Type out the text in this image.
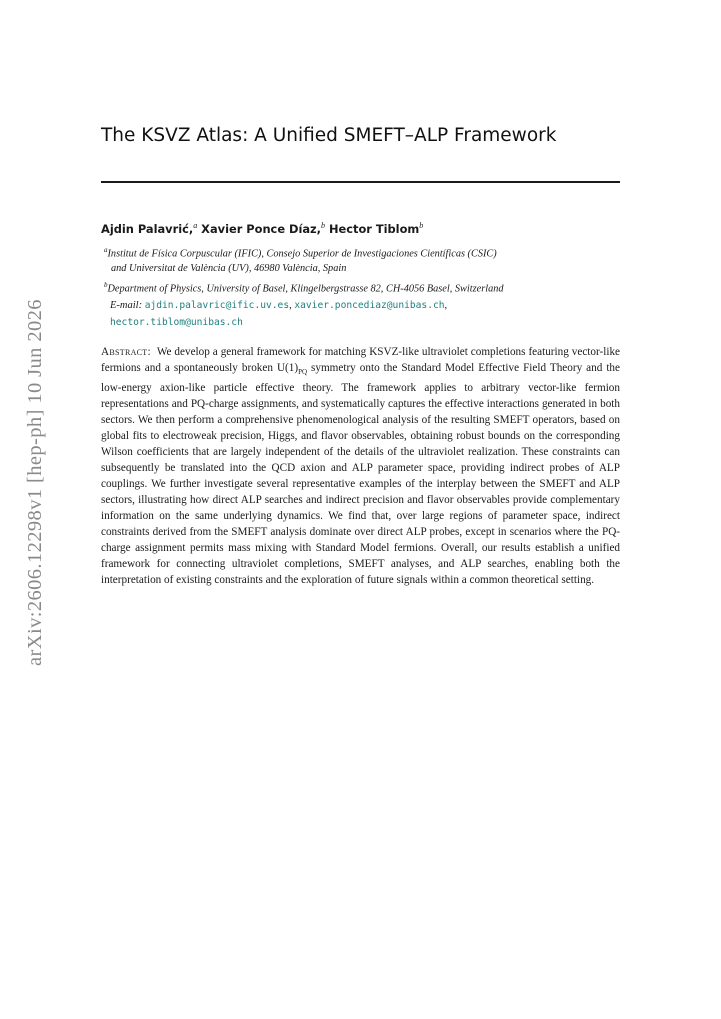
arXiv:2606.12298v1 [hep-ph] 10 Jun 2026
The KSVZ Atlas: A Unified SMEFT–ALP Framework
Ajdin Palavrić,$^a$ Xavier Ponce Díaz,$^b$ Hector Tiblom$^b$
$^a$Institut de Física Corpuscular (IFIC), Consejo Superior de Investigaciones Científicas (CSIC)
and Universitat de València (UV), 46980 València, Spain
$^b$Department of Physics, University of Basel, Klingelbergstrasse 82, CH-4056 Basel, Switzerland
E-mail: ajdin.palavric@ific.uv.es, xavier.poncediaz@unibas.ch,
hector.tiblom@unibas.ch
Abstract: We develop a general framework for matching KSVZ-like ultraviolet completions featuring vector-like fermions and a spontaneously broken $U(1)_{PQ}$ symmetry onto the Standard Model Effective Field Theory and the low-energy axion-like particle effective theory. The framework applies to arbitrary vector-like fermion representations and PQ-charge assignments, and systematically captures the effective interactions generated in both sectors. We then perform a comprehensive phenomenological analysis of the resulting SMEFT operators, based on global fits to electroweak precision, Higgs, and flavor observables, obtaining robust bounds on the corresponding Wilson coefficients that are largely independent of the details of the ultraviolet realization. These constraints can subsequently be translated into the QCD axion and ALP parameter space, providing indirect probes of ALP couplings. We further investigate several representative examples of the interplay between the SMEFT and ALP sectors, illustrating how direct ALP searches and indirect precision and flavor observables provide complementary information on the same underlying dynamics. We find that, over large regions of parameter space, indirect constraints derived from the SMEFT analysis dominate over direct ALP probes, except in scenarios where the PQ-charge assignment permits mass mixing with Standard Model fermions. Overall, our results establish a unified framework for connecting ultraviolet completions, SMEFT analyses, and ALP searches, enabling both the interpretation of existing constraints and the exploration of future signals within a common theoretical setting.
